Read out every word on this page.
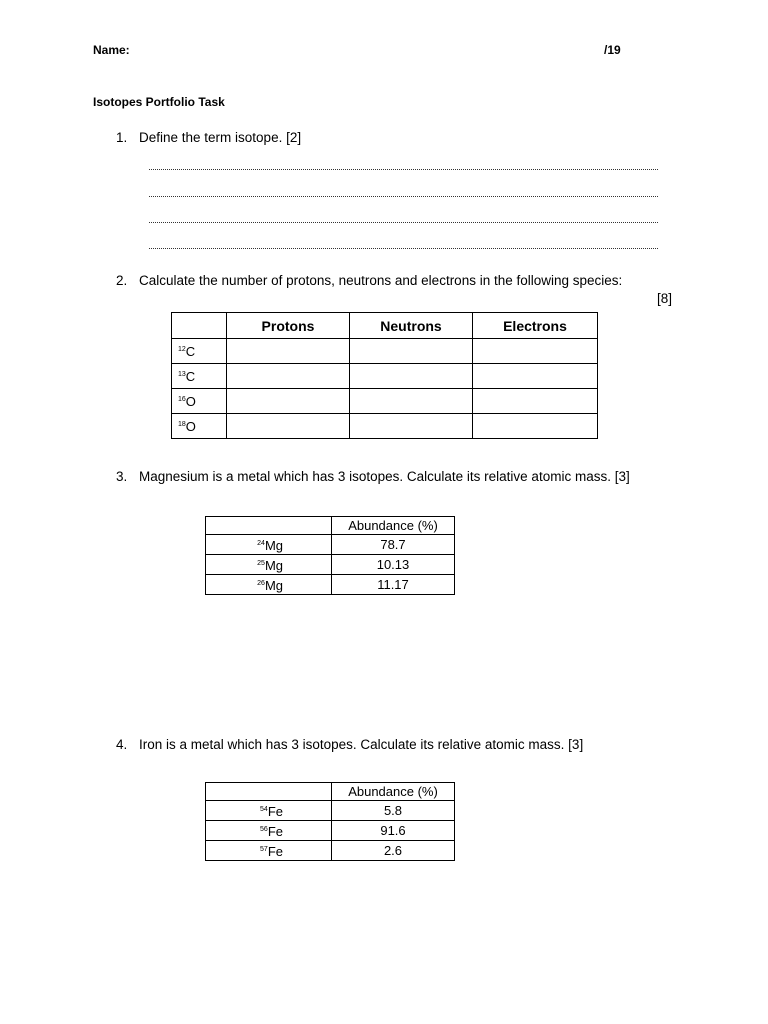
Name:	/19
Isotopes Portfolio Task
1. Define the term isotope. [2]
2. Calculate the number of protons, neutrons and electrons in the following species:
[8]
	Protons	Neutrons	Electrons
$^{12}$C			
$^{13}$C			
$^{16}$O			
$^{18}$O			
3. Magnesium is a metal which has 3 isotopes. Calculate its relative atomic mass. [3]
	Abundance (%)
$^{24}$Mg	78.7
$^{25}$Mg	10.13
$^{26}$Mg	11.17
4. Iron is a metal which has 3 isotopes. Calculate its relative atomic mass. [3]
	Abundance (%)
$^{54}$Fe	5.8
$^{56}$Fe	91.6
$^{57}$Fe	2.6
